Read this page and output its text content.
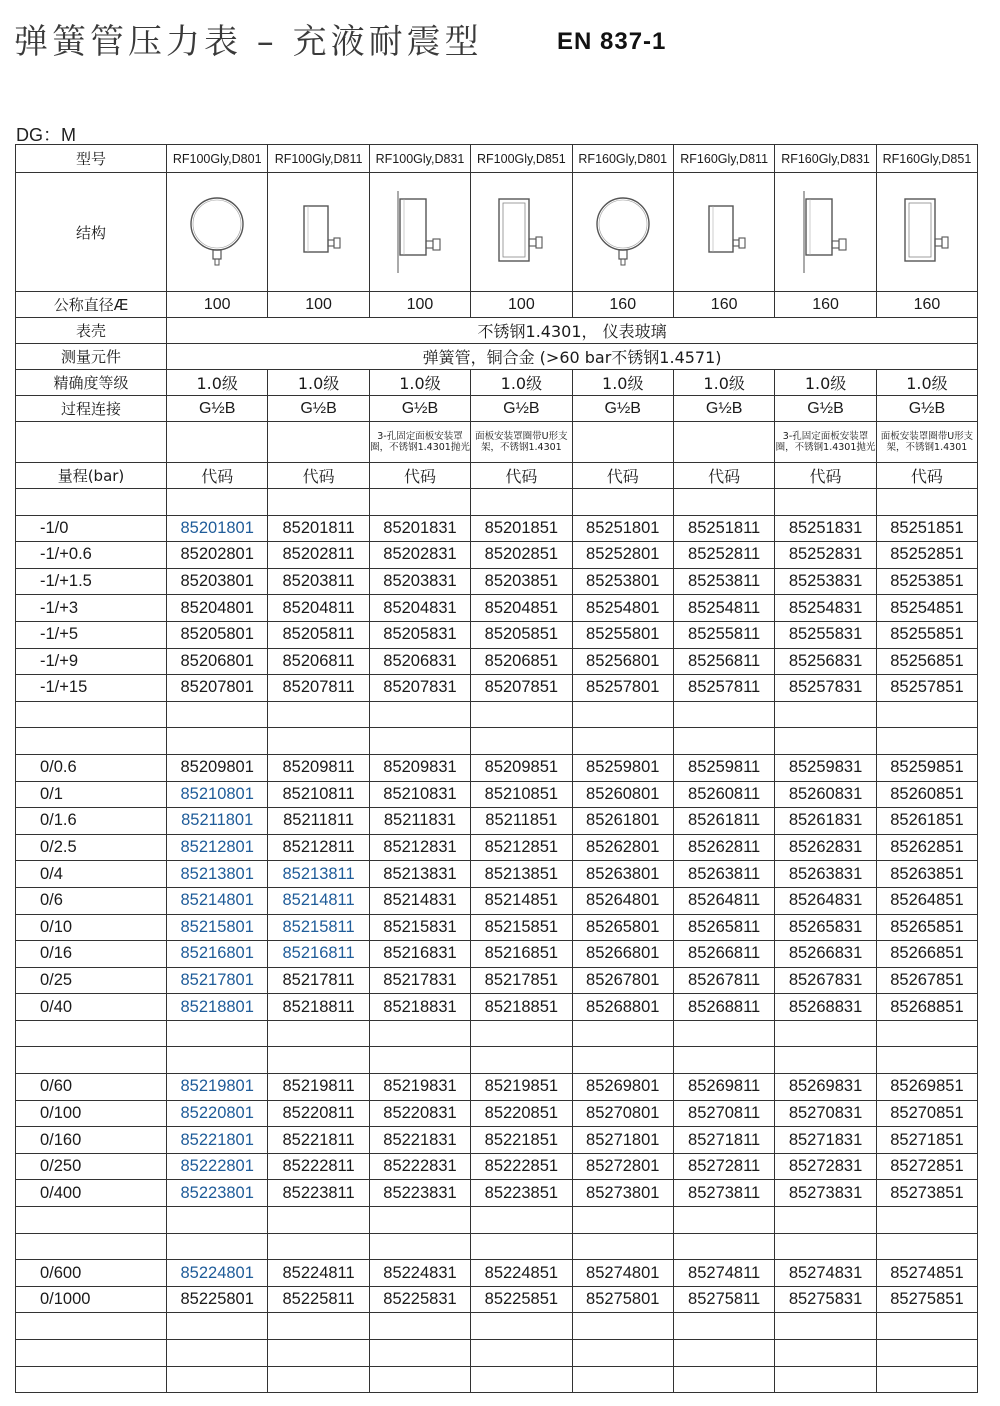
弹簧管压力表 – 充液耐震型	EN 837-1
DG：M
型号	RF100Gly,D801	RF100Gly,D811	RF100Gly,D831	RF100Gly,D851	RF160Gly,D801	RF160Gly,D811	RF160Gly,D831	RF160Gly,D851
结构	

公称直径Æ	100	100	100	100	160	160	160	160
表壳	不锈钢1.4301， 仪表玻璃							
测量元件	弹簧管，铜合金 (>60 bar不锈钢1.4571)							
精确度等级	1.0级	1.0级	1.0级	1.0级	1.0级	1.0级	1.0级	1.0级
过程连接	G½B	G½B	G½B	G½B	G½B	G½B	G½B	G½B
			3-孔固定面板安装罩圈，不锈钢1.4301抛光	面板安装罩圈带U形支架，不锈钢1.4301			3-孔固定面板安装罩圈，不锈钢1.4301抛光	面板安装罩圈带U形支架，不锈钢1.4301
量程(bar)	代码	代码	代码	代码	代码	代码	代码	代码

-1/0	85201801	85201811	85201831	85201851	85251801	85251811	85251831	85251851
-1/+0.6	85202801	85202811	85202831	85202851	85252801	85252811	85252831	85252851
-1/+1.5	85203801	85203811	85203831	85203851	85253801	85253811	85253831	85253851
-1/+3	85204801	85204811	85204831	85204851	85254801	85254811	85254831	85254851
-1/+5	85205801	85205811	85205831	85205851	85255801	85255811	85255831	85255851
-1/+9	85206801	85206811	85206831	85206851	85256801	85256811	85256831	85256851
-1/+15	85207801	85207811	85207831	85207851	85257801	85257811	85257831	85257851

0/0.6	85209801	85209811	85209831	85209851	85259801	85259811	85259831	85259851
0/1	85210801	85210811	85210831	85210851	85260801	85260811	85260831	85260851
0/1.6	85211801	85211811	85211831	85211851	85261801	85261811	85261831	85261851
0/2.5	85212801	85212811	85212831	85212851	85262801	85262811	85262831	85262851
0/4	85213801	85213811	85213831	85213851	85263801	85263811	85263831	85263851
0/6	85214801	85214811	85214831	85214851	85264801	85264811	85264831	85264851
0/10	85215801	85215811	85215831	85215851	85265801	85265811	85265831	85265851
0/16	85216801	85216811	85216831	85216851	85266801	85266811	85266831	85266851
0/25	85217801	85217811	85217831	85217851	85267801	85267811	85267831	85267851
0/40	85218801	85218811	85218831	85218851	85268801	85268811	85268831	85268851

0/60	85219801	85219811	85219831	85219851	85269801	85269811	85269831	85269851
0/100	85220801	85220811	85220831	85220851	85270801	85270811	85270831	85270851
0/160	85221801	85221811	85221831	85221851	85271801	85271811	85271831	85271851
0/250	85222801	85222811	85222831	85222851	85272801	85272811	85272831	85272851
0/400	85223801	85223811	85223831	85223851	85273801	85273811	85273831	85273851

0/600	85224801	85224811	85224831	85224851	85274801	85274811	85274831	85274851
0/1000	85225801	85225811	85225831	85225851	85275801	85275811	85275831	85275851
